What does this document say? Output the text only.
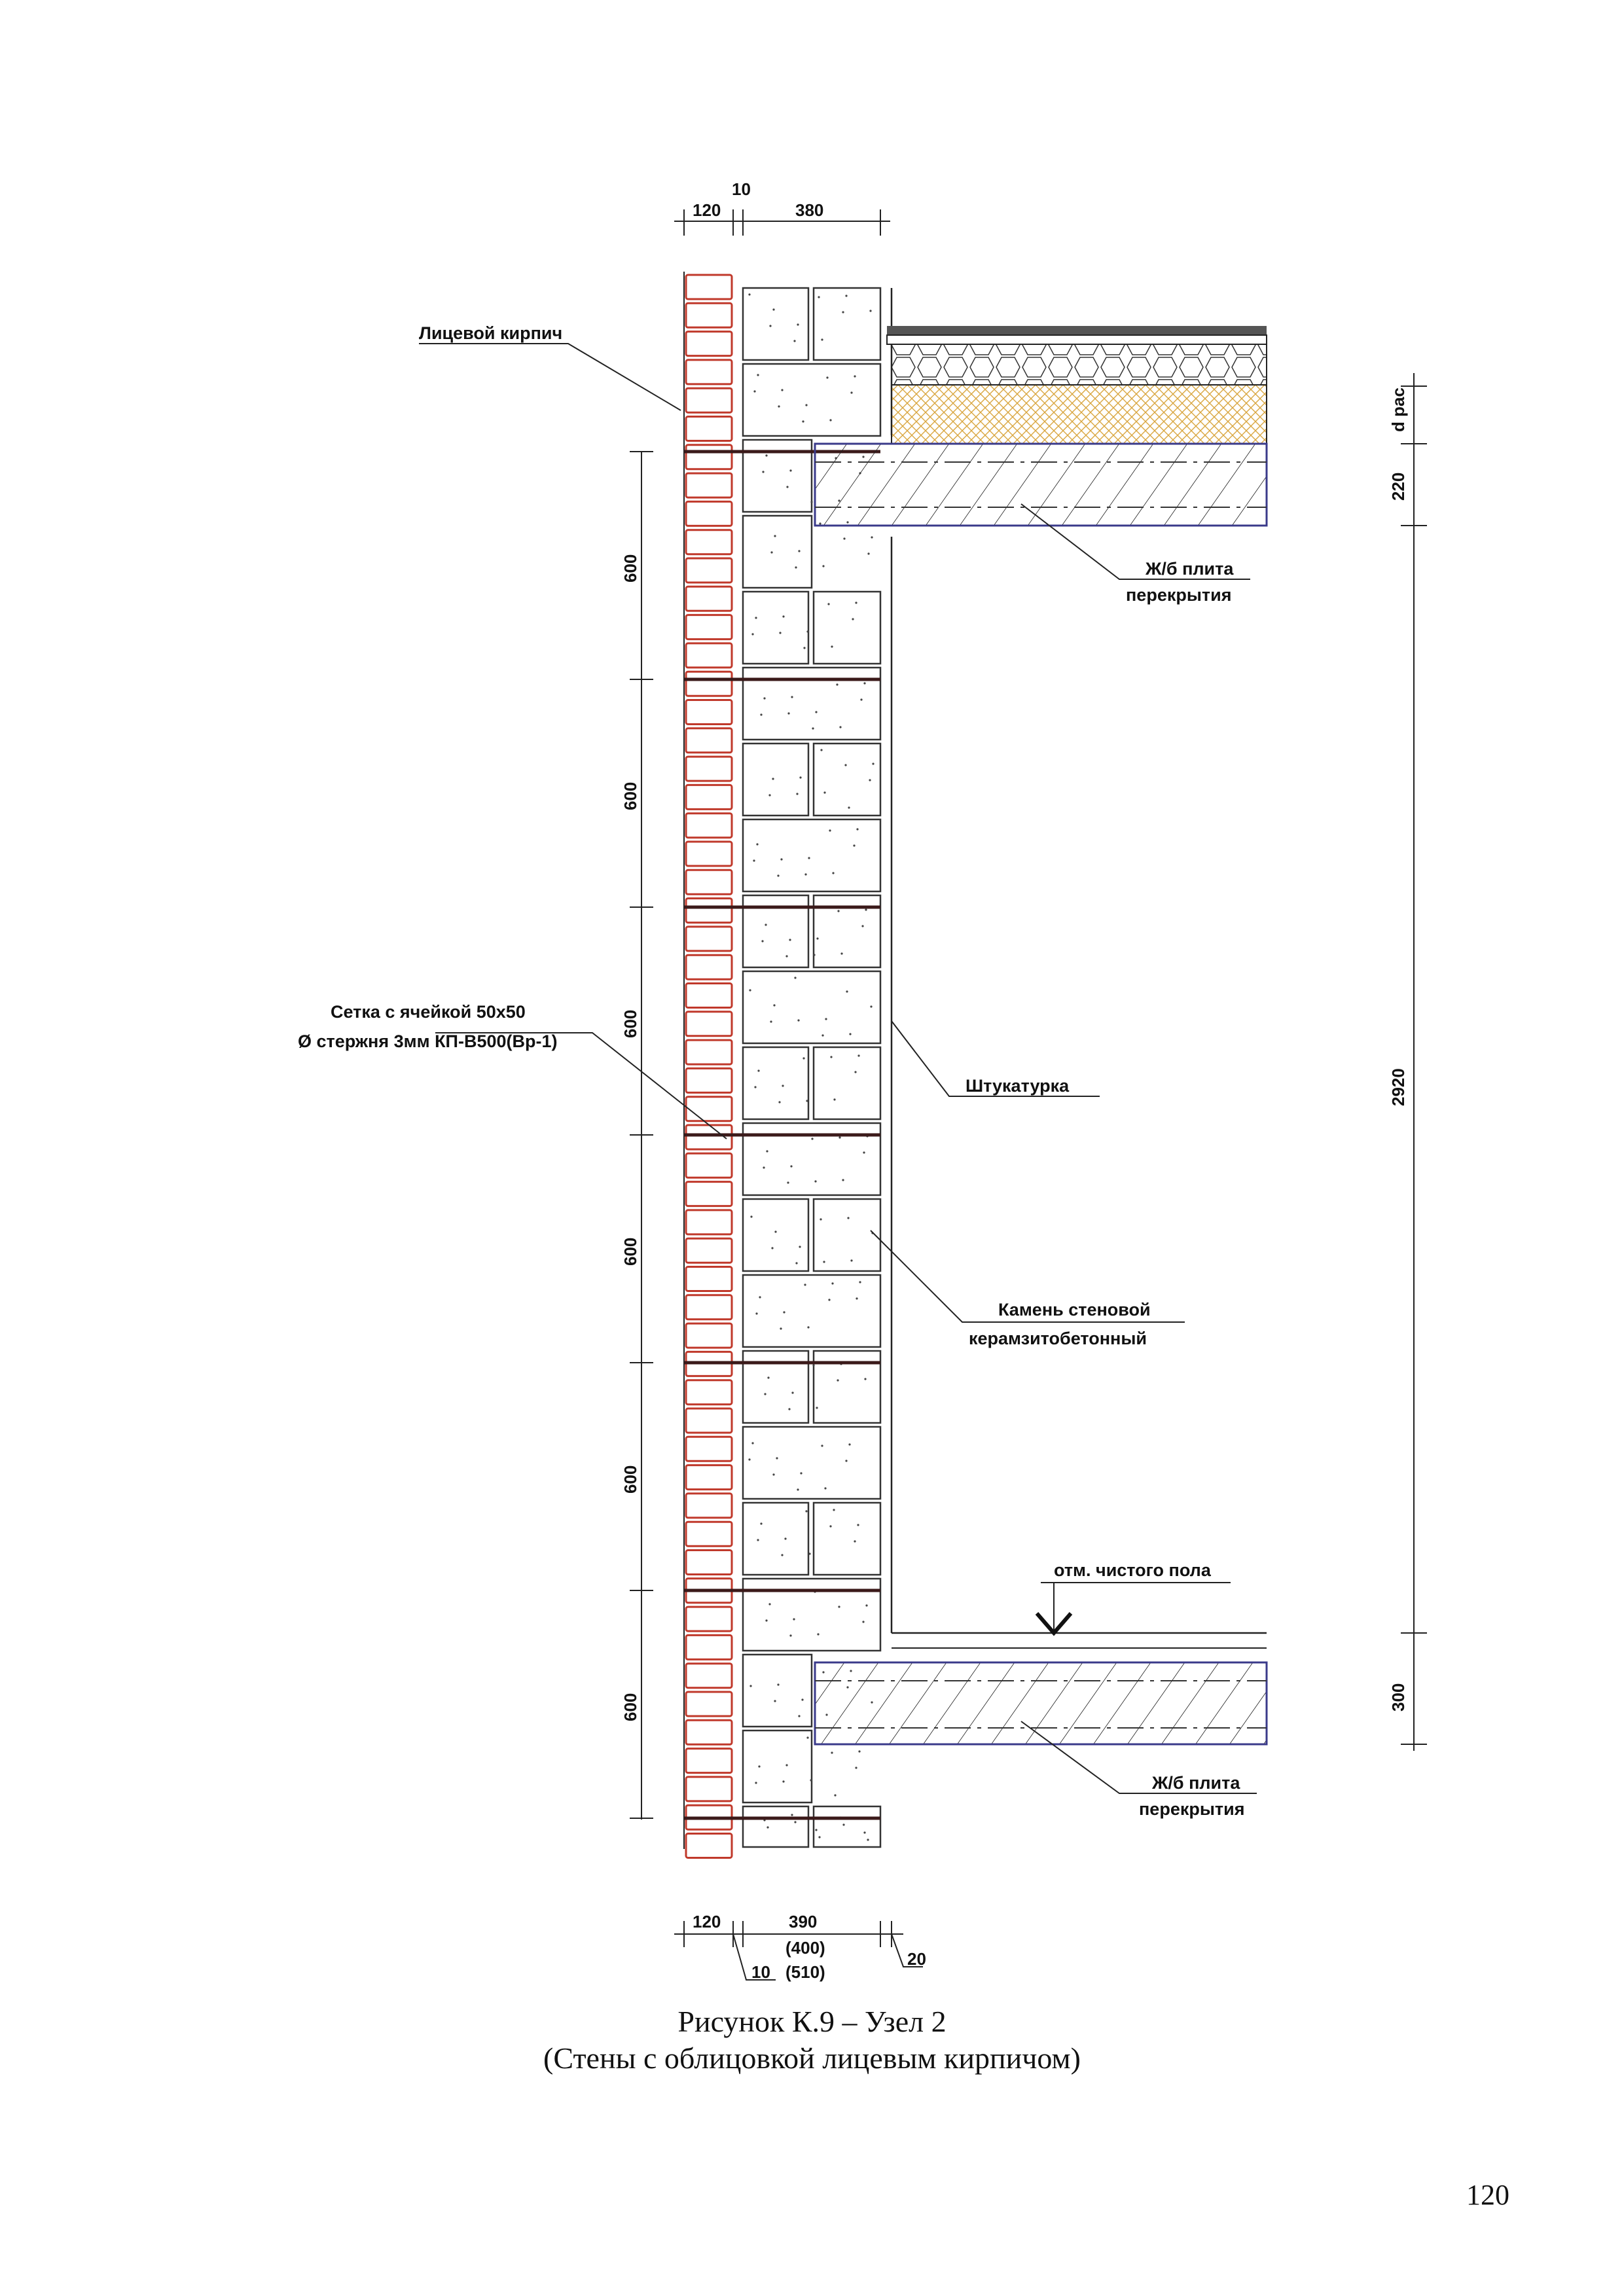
отм. чистого пола
Лицевой кирпич
Сетка с ячейкой 50х50
Ø стержня 3мм КП-В500(Вр-1)
Штукатурка
Камень стеновой
керамзитобетонный
Ж/б плита
перекрытия
Ж/б плита
перекрытия
120
10
380
600
600
600
600
600
600
d рас
220
2920
300
120	390
(400)
(510)
10
20
Рисунок К.9 – Узел 2
(Стены с облицовкой лицевым кирпичом)
120
